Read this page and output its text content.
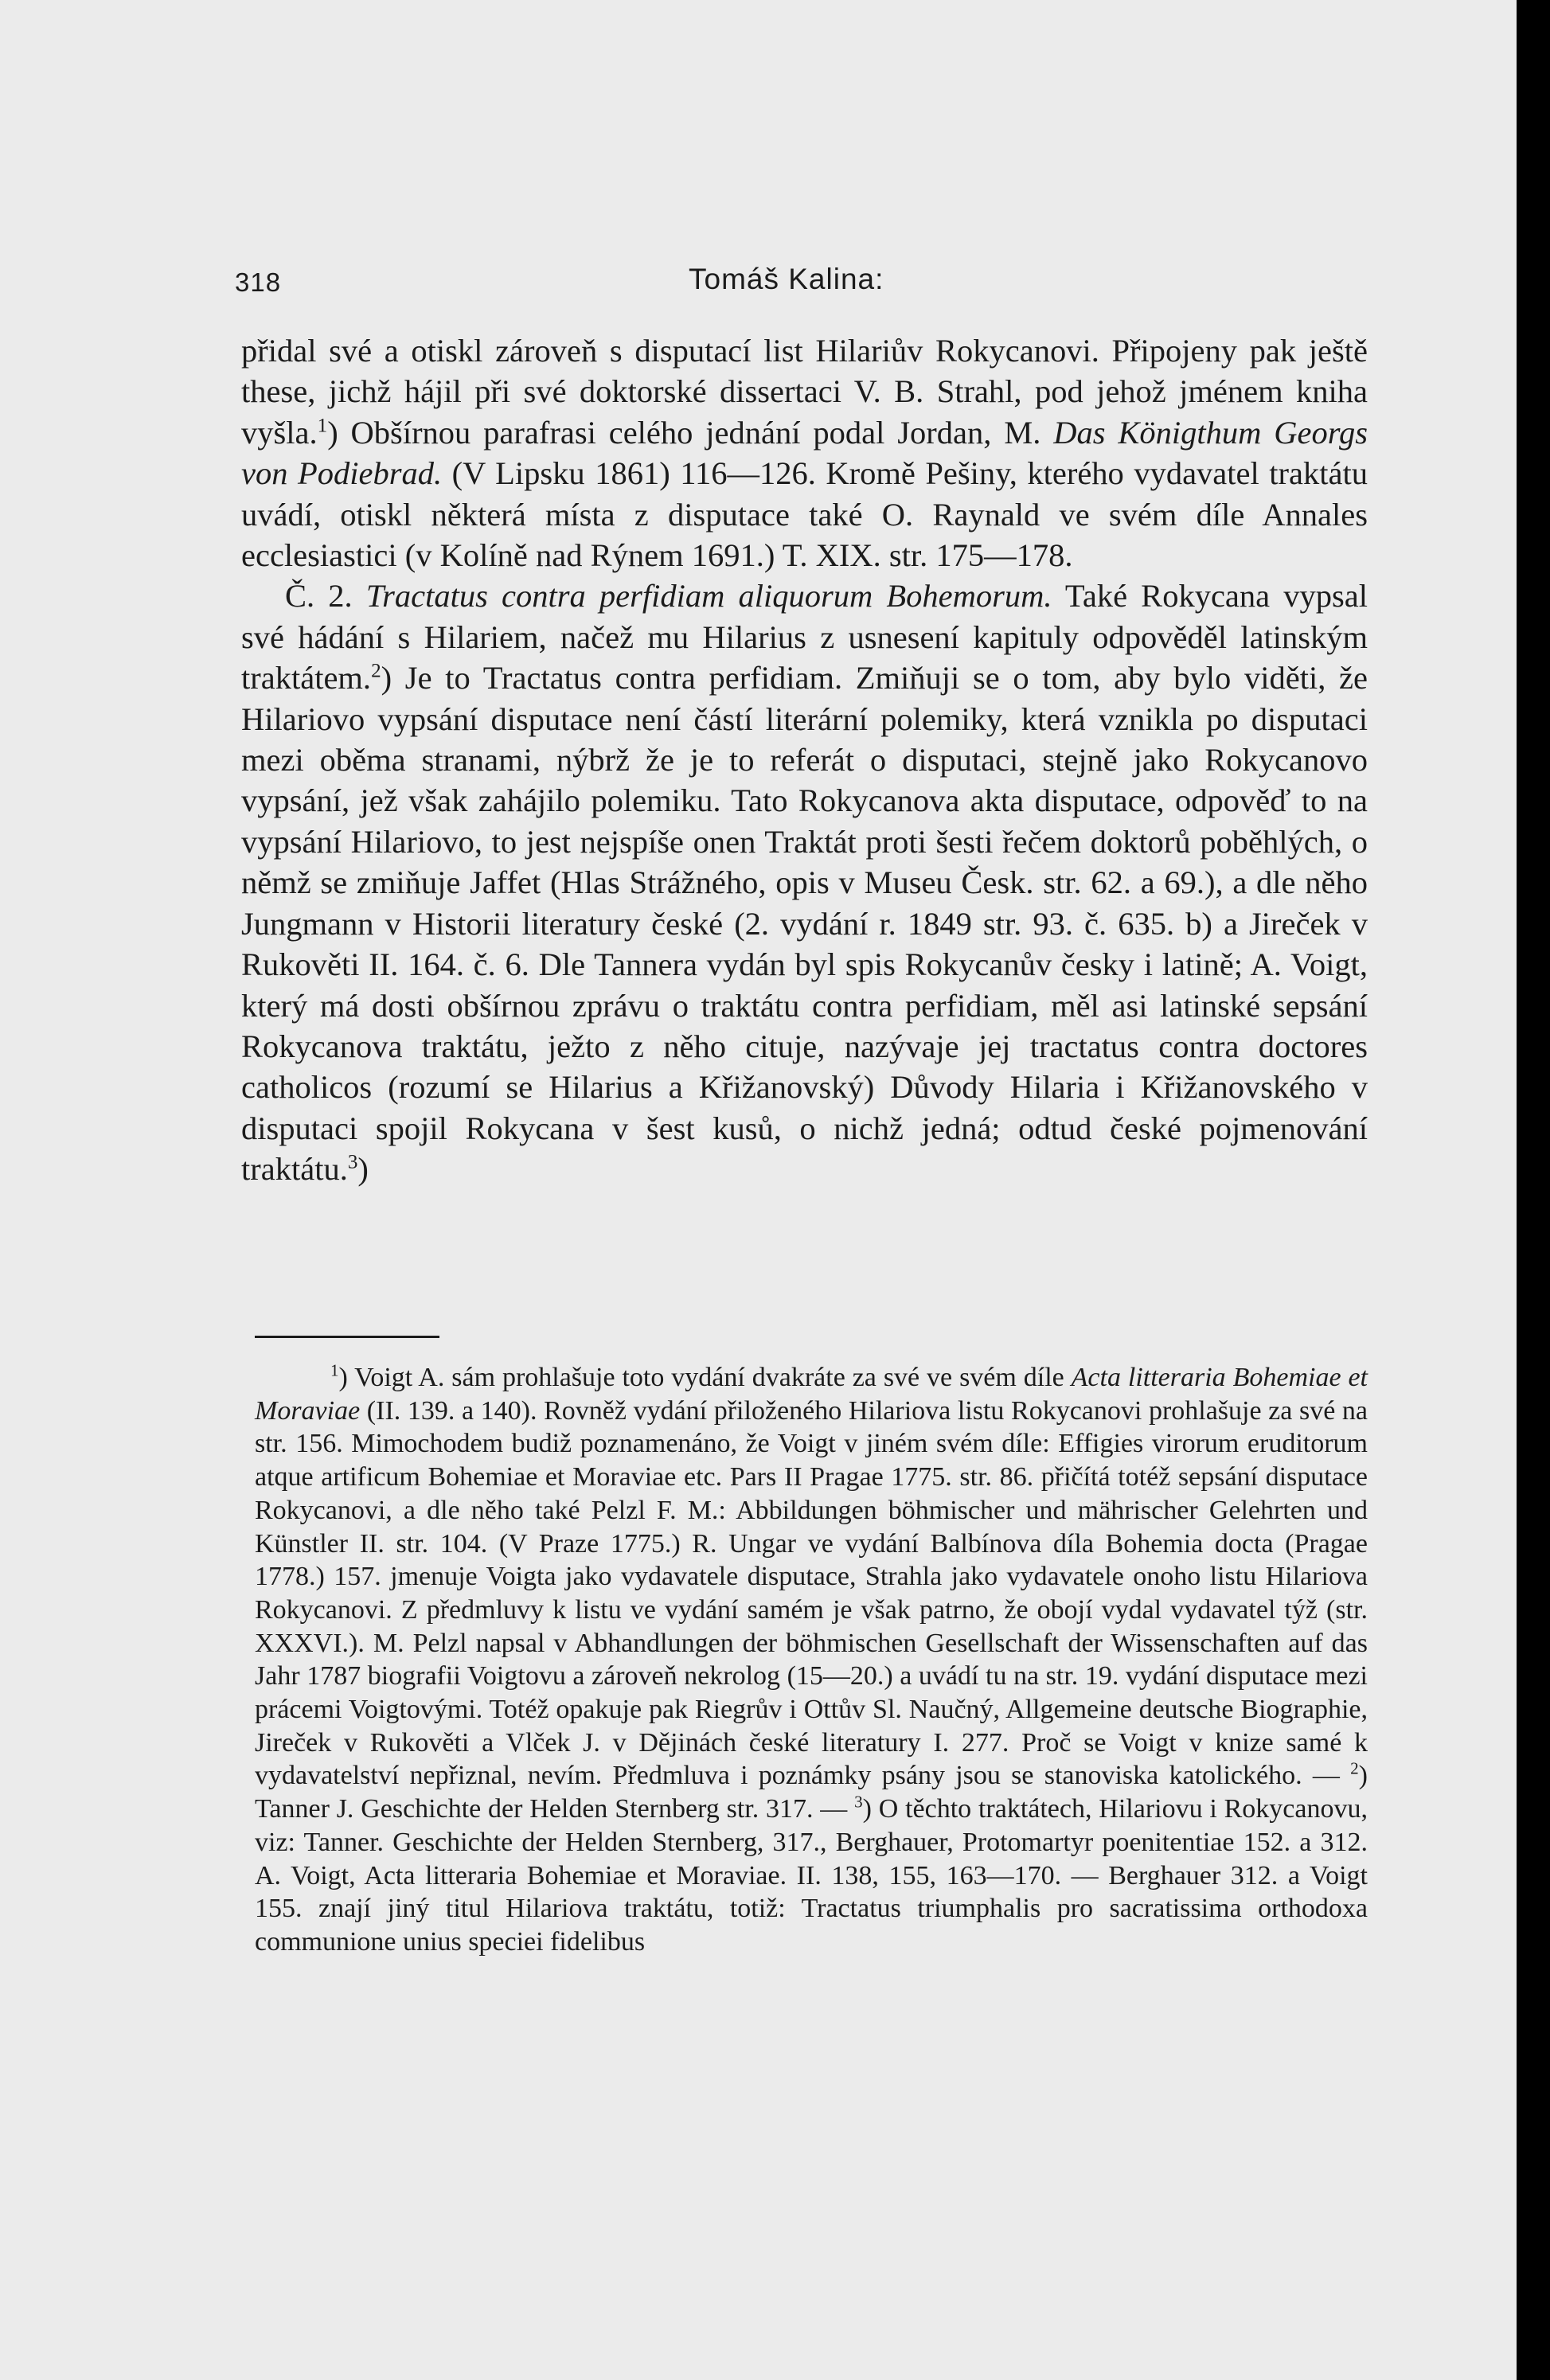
318	Tomáš Kalina:

přidal své a otiskl zároveň s disputací list Hilariův Rokycanovi. Připojeny pak ještě these, jichž hájil při své doktorské dissertaci V. B. Strahl, pod jehož jménem kniha vyšla.$^1$) Obšírnou parafrasi celého jednání podal Jordan, M. Das Königthum Georgs von Podiebrad. (V Lipsku 1861) 116—126. Kromě Pešiny, kterého vydavatel traktátu uvádí, otiskl některá místa z disputace také O. Raynald ve svém díle Annales ecclesiastici (v Kolíně nad Rýnem 1691.) T. XIX. str. 175—178.

Č. 2. Tractatus contra perfidiam aliquorum Bohemorum. Také Rokycana vypsal své hádání s Hilariem, načež mu Hilarius z usnesení kapituly odpověděl latinským traktátem.$^2$) Je to Tractatus contra perfidiam. Zmiňuji se o tom, aby bylo viděti, že Hilariovo vypsání disputace není částí literární polemiky, která vznikla po disputaci mezi oběma stranami, nýbrž že je to referát o disputaci, stejně jako Rokycanovo vypsání, jež však zahájilo polemiku. Tato Rokycanova akta disputace, odpověď to na vypsání Hilariovo, to jest nejspíše onen Traktát proti šesti řečem doktorů poběhlých, o němž se zmiňuje Jaffet (Hlas Strážného, opis v Museu Česk. str. 62. a 69.), a dle něho Jungmann v Historii literatury české (2. vydání r. 1849 str. 93. č. 635. b) a Jireček v Rukověti II. 164. č. 6. Dle Tannera vydán byl spis Rokycanův česky i latině; A. Voigt, který má dosti obšírnou zprávu o traktátu contra perfidiam, měl asi latinské sepsání Rokycanova traktátu, ježto z něho cituje, nazývaje jej tractatus contra doctores catholicos (rozumí se Hilarius a Křižanovský) Důvody Hilaria i Křižanovského v disputaci spojil Rokycana v šest kusů, o nichž jedná; odtud české pojmenování traktátu.$^3$)

$^1$) Voigt A. sám prohlašuje toto vydání dvakráte za své ve svém díle Acta litteraria Bohemiae et Moraviae (II. 139. a 140). Rovněž vydání přiloženého Hilariova listu Rokycanovi prohlašuje za své na str. 156. Mimochodem budiž poznamenáno, že Voigt v jiném svém díle: Effigies virorum eruditorum atque artificum Bohemiae et Moraviae etc. Pars II Pragae 1775. str. 86. přičítá totéž sepsání disputace Rokycanovi, a dle něho také Pelzl F. M.: Abbildungen böhmischer und mährischer Gelehrten und Künstler II. str. 104. (V Praze 1775.) R. Ungar ve vydání Balbínova díla Bohemia docta (Pragae 1778.) 157. jmenuje Voigta jako vydavatele disputace, Strahla jako vydavatele onoho listu Hilariova Rokycanovi. Z předmluvy k listu ve vydání samém je však patrno, že obojí vydal vydavatel týž (str. XXXVI.). M. Pelzl napsal v Abhandlungen der böhmischen Gesellschaft der Wissenschaften auf das Jahr 1787 biografii Voigtovu a zároveň nekrolog (15—20.) a uvádí tu na str. 19. vydání disputace mezi prácemi Voigtovými. Totéž opakuje pak Riegrův i Ottův Sl. Naučný, Allgemeine deutsche Biographie, Jireček v Rukověti a Vlček J. v Dějinách české literatury I. 277. Proč se Voigt v knize samé k vydavatelství nepřiznal, nevím. Předmluva i poznámky psány jsou se stanoviska katolického. — $^2$) Tanner J. Geschichte der Helden Sternberg str. 317. — $^3$) O těchto traktátech, Hilariovu i Rokycanovu, viz: Tanner. Geschichte der Helden Sternberg, 317., Berghauer, Protomartyr poenitentiae 152. a 312. A. Voigt, Acta litteraria Bohemiae et Moraviae. II. 138, 155, 163—170. — Berghauer 312. a Voigt 155. znají jiný titul Hilariova traktátu, totiž: Tractatus triumphalis pro sacratissima orthodoxa communione unius speciei fidelibus
